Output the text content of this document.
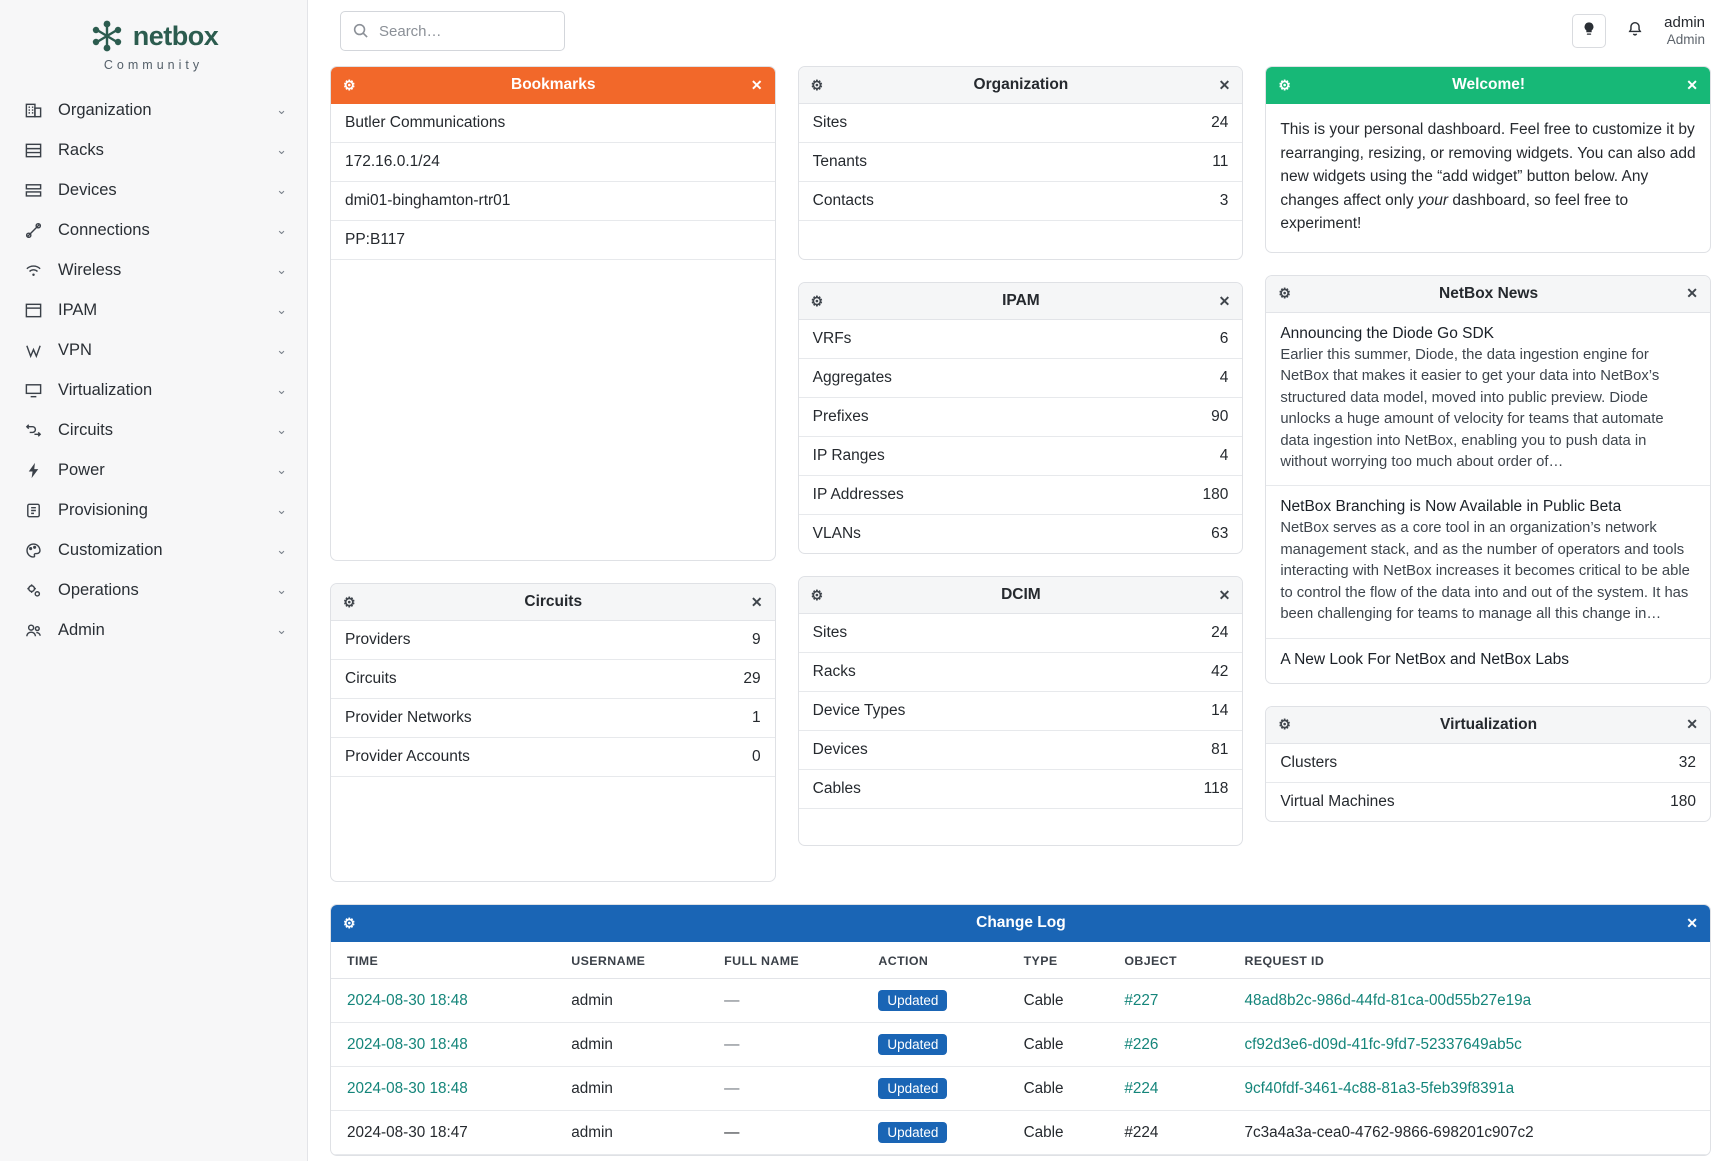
netbox
Community
Organization	⌄
Racks	⌄
Devices	⌄
Connections	⌄
Wireless	⌄
IPAM	⌄
VPN	⌄
Virtualization	⌄
Circuits	⌄
Power	⌄
Provisioning	⌄
Customization	⌄
Operations	⌄
Admin	⌄
Search…
admin
Admin
⚙	Bookmarks	✕
Butler Communications
172.16.0.1/24
dmi01-binghamton-rtr01
PP:B117
⚙	Circuits	✕
Providers	9
Circuits	29
Provider Networks	1
Provider Accounts	0
⚙	Organization	✕
Sites	24
Tenants	11
Contacts	3
⚙	IPAM	✕
VRFs	6
Aggregates	4
Prefixes	90
IP Ranges	4
IP Addresses	180
VLANs	63
⚙	DCIM	✕
Sites	24
Racks	42
Device Types	14
Devices	81
Cables	118
⚙	Welcome!	✕
This is your personal dashboard. Feel free to customize it by rearranging, resizing, or removing widgets. You can also add new widgets using the “add widget” button below. Any changes affect only your dashboard, so feel free to experiment!
⚙	NetBox News	✕
Announcing the Diode Go SDK
Earlier this summer, Diode, the data ingestion engine for NetBox that makes it easier to get your data into NetBox’s structured data model, moved into public preview. Diode unlocks a huge amount of velocity for teams that automate data ingestion into NetBox, enabling you to push data in without worrying too much about order of…
NetBox Branching is Now Available in Public Beta
NetBox serves as a core tool in an organization’s network management stack, and as the number of operators and tools interacting with NetBox increases it becomes critical to be able to control the flow of the data into and out of the system. It has been challenging for teams to manage all this change in…
A New Look For NetBox and NetBox Labs
⚙	Virtualization	✕
Clusters	32
Virtual Machines	180
⚙	Change Log	✕
TIME	USERNAME	FULL NAME	ACTION	TYPE	OBJECT	REQUEST ID
2024-08-30 18:48	admin	—	Updated	Cable	#227	48ad8b2c-986d-44fd-81ca-00d55b27e19a
2024-08-30 18:48	admin	—	Updated	Cable	#226	cf92d3e6-d09d-41fc-9fd7-52337649ab5c
2024-08-30 18:48	admin	—	Updated	Cable	#224	9cf40fdf-3461-4c88-81a3-5feb39f8391a
2024-08-30 18:47	admin	—	Updated	Cable	#224	7c3a4a3a-cea0-4762-9866-698201c907c2
